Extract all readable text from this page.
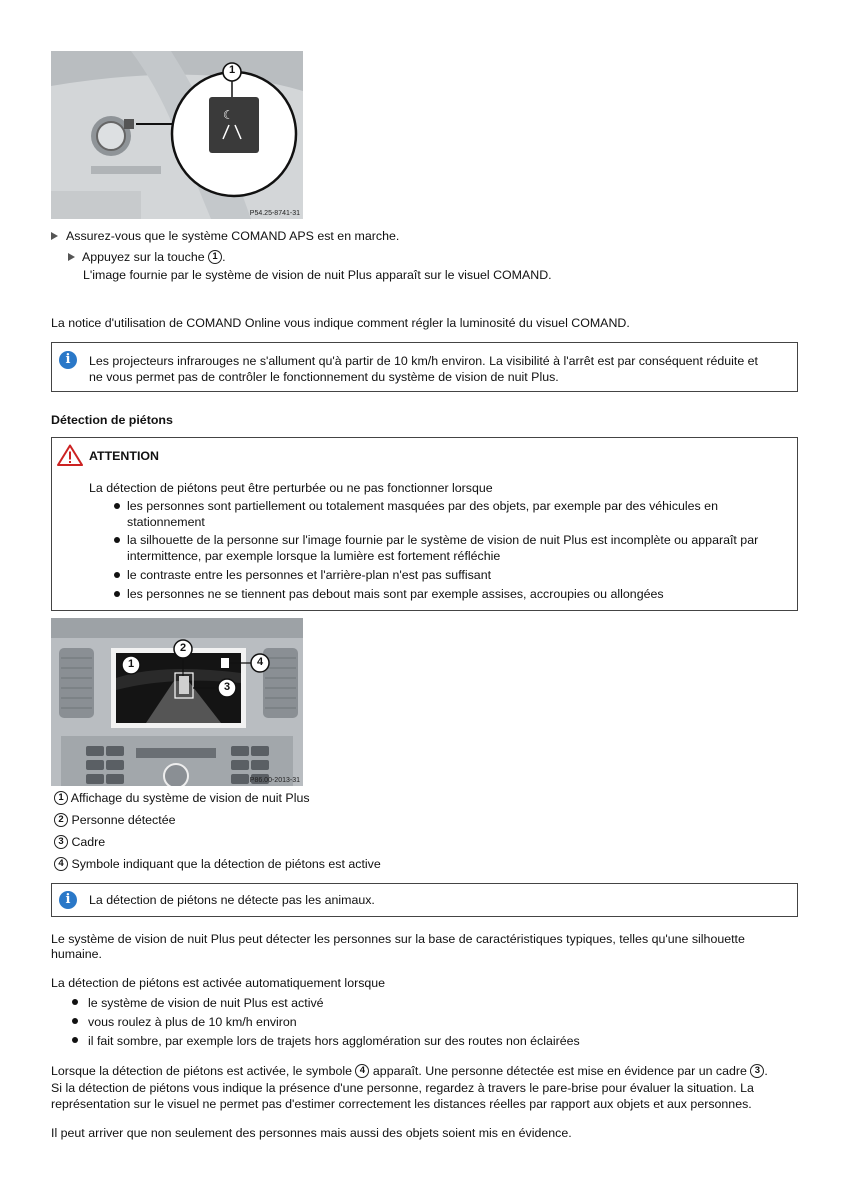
☾
1
P54.25-8741-31
Assurez-vous que le système COMAND APS est en marche.
Appuyez sur la touche 1 .
L'image fournie par le système de vision de nuit Plus apparaît sur le visuel COMAND.
La notice d'utilisation de COMAND Online vous indique comment régler la luminosité du visuel COMAND.
i	Les projecteurs infrarouges ne s'allument qu'à partir de 10 km/h environ. La visibilité à l'arrêt est par conséquent réduite et
ne vous permet pas de contrôler le fonctionnement du système de vision de nuit Plus.
Détection de piétons
ATTENTION
La détection de piétons peut être perturbée ou ne pas fonctionner lorsque
les personnes sont partiellement ou totalement masquées par des objets, par exemple par des véhicules en
stationnement
la silhouette de la personne sur l'image fournie par le système de vision de nuit Plus est incomplète ou apparaît par
intermittence, par exemple lorsque la lumière est fortement réfléchie
le contraste entre les personnes et l'arrière-plan n'est pas suffisant
les personnes ne se tiennent pas debout mais sont par exemple assises, accroupies ou allongées
1
2
3
4
P86.00-2013-31
1 Affichage du système de vision de nuit Plus
2 Personne détectée
3 Cadre
4 Symbole indiquant que la détection de piétons est active
i	La détection de piétons ne détecte pas les animaux.
Le système de vision de nuit Plus peut détecter les personnes sur la base de caractéristiques typiques, telles qu'une silhouette
humaine.
La détection de piétons est activée automatiquement lorsque
le système de vision de nuit Plus est activé
vous roulez à plus de 10 km/h environ
il fait sombre, par exemple lors de trajets hors agglomération sur des routes non éclairées
Lorsque la détection de piétons est activée, le symbole 4 apparaît. Une personne détectée est mise en évidence par un cadre 3 .
Si la détection de piétons vous indique la présence d'une personne, regardez à travers le pare-brise pour évaluer la situation. La
représentation sur le visuel ne permet pas d'estimer correctement les distances réelles par rapport aux objets et aux personnes.
Il peut arriver que non seulement des personnes mais aussi des objets soient mis en évidence.
